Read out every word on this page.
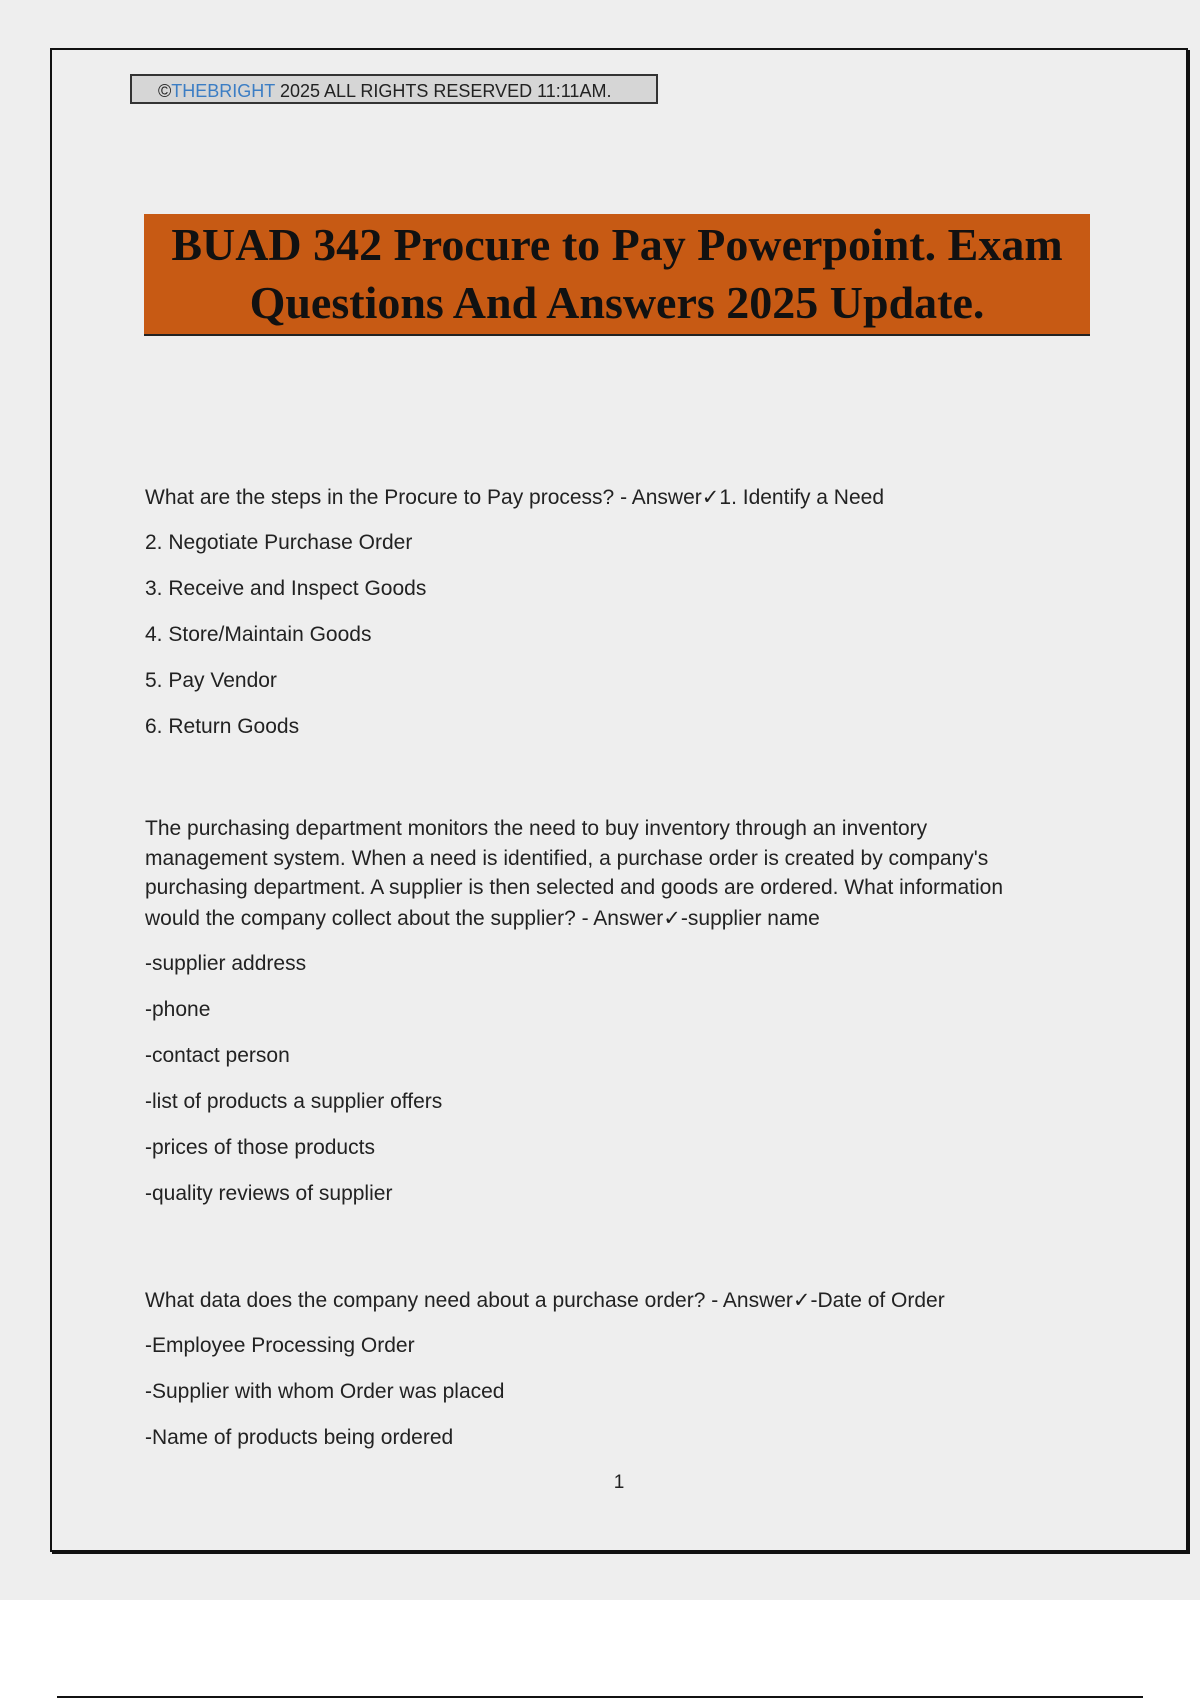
©THEBRIGHT 2025 ALL RIGHTS RESERVED 11:11AM.
BUAD 342 Procure to Pay Powerpoint. Exam
Questions And Answers 2025 Update.

What are the steps in the Procure to Pay process? - Answer✓1. Identify a Need

2. Negotiate Purchase Order

3. Receive and Inspect Goods

4. Store/Maintain Goods

5. Pay Vendor

6. Return Goods

The purchasing department monitors the need to buy inventory through an inventory

management system. When a need is identified, a purchase order is created by company's

purchasing department. A supplier is then selected and goods are ordered. What information

would the company collect about the supplier? - Answer✓-supplier name

-supplier address

-phone

-contact person

-list of products a supplier offers

-prices of those products

-quality reviews of supplier

What data does the company need about a purchase order? - Answer✓-Date of Order

-Employee Processing Order

-Supplier with whom Order was placed

-Name of products being ordered

1
